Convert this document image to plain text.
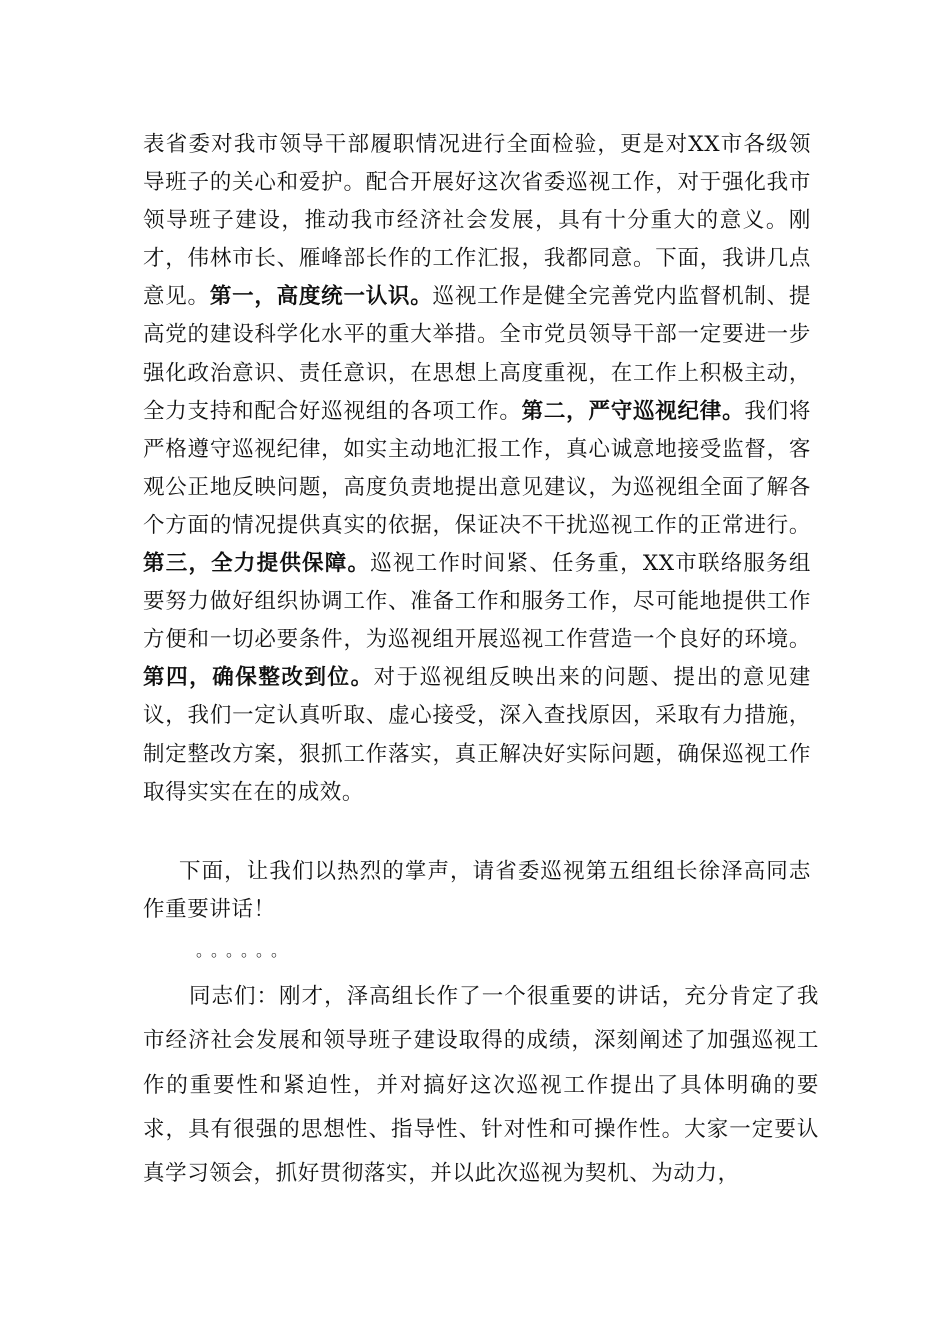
表省委对我市领导干部履职情况进行全面检验，更是对XX市各级领导班子的关心和爱护。配合开展好这次省委巡视工作，对于强化我市领导班子建设，推动我市经济社会发展，具有十分重大的意义。刚才，伟林市长、雁峰部长作的工作汇报，我都同意。下面，我讲几点意见。第一，高度统一认识。巡视工作是健全完善党内监督机制、提高党的建设科学化水平的重大举措。全市党员领导干部一定要进一步强化政治意识、责任意识，在思想上高度重视，在工作上积极主动，全力支持和配合好巡视组的各项工作。第二，严守巡视纪律。我们将严格遵守巡视纪律，如实主动地汇报工作，真心诚意地接受监督，客观公正地反映问题，高度负责地提出意见建议，为巡视组全面了解各个方面的情况提供真实的依据，保证决不干扰巡视工作的正常进行。第三，全力提供保障。巡视工作时间紧、任务重，XX市联络服务组要努力做好组织协调工作、准备工作和服务工作，尽可能地提供工作方便和一切必要条件，为巡视组开展巡视工作营造一个良好的环境。第四，确保整改到位。对于巡视组反映出来的问题、提出的意见建议，我们一定认真听取、虚心接受，深入查找原因，采取有力措施，制定整改方案，狠抓工作落实，真正解决好实际问题，确保巡视工作取得实实在在的成效。

下面，让我们以热烈的掌声，请省委巡视第五组组长徐泽高同志作重要讲话！

。。。。。。

同志们：刚才，泽高组长作了一个很重要的讲话，充分肯定了我市经济社会发展和领导班子建设取得的成绩，深刻阐述了加强巡视工作的重要性和紧迫性，并对搞好这次巡视工作提出了具体明确的要求，具有很强的思想性、指导性、针对性和可操作性。大家一定要认真学习领会，抓好贯彻落实，并以此次巡视为契机、为动力，
